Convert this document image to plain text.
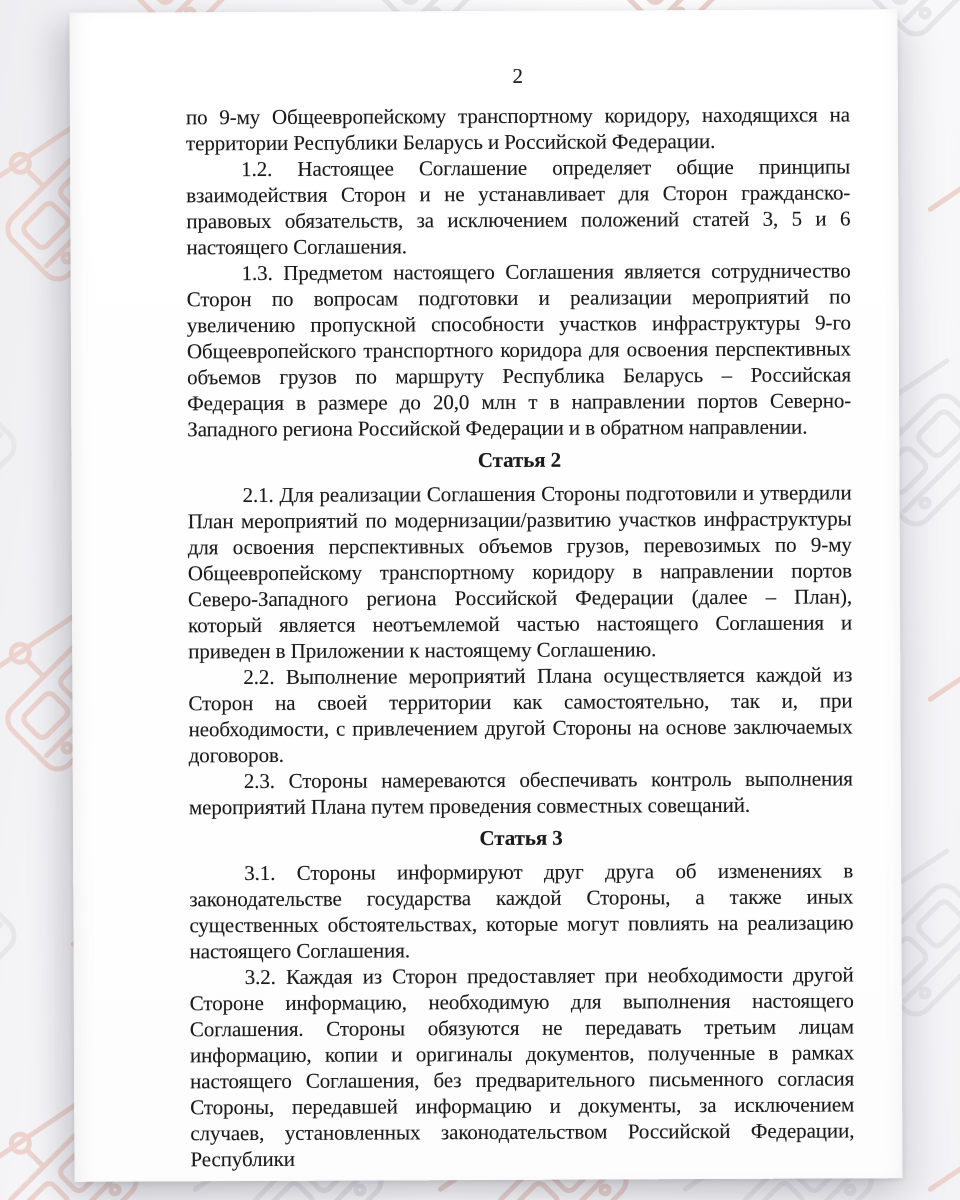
2

по 9-му Общеевропейскому транспортному коридору, находящихся на территории Республики Беларусь и Российской Федерации.

1.2. Настоящее Соглашение определяет общие принципы взаимодействия Сторон и не устанавливает для Сторон гражданско-правовых обязательств, за исключением положений статей 3, 5 и 6 настоящего Соглашения.

1.3. Предметом настоящего Соглашения является сотрудничество Сторон по вопросам подготовки и реализации мероприятий по увеличению пропускной способности участков инфраструктуры 9-го Общеевропейского транспортного коридора для освоения перспективных объемов грузов по маршруту Республика Беларусь – Российская Федерация в размере до 20,0 млн т в направлении портов Северно-Западного региона Российской Федерации и в обратном направлении.

Статья 2

2.1. Для реализации Соглашения Стороны подготовили и утвердили План мероприятий по модернизации/развитию участков инфраструктуры для освоения перспективных объемов грузов, перевозимых по 9-му Общеевропейскому транспортному коридору в направлении портов Северо-Западного региона Российской Федерации (далее – План), который является неотъемлемой частью настоящего Соглашения и приведен в Приложении к настоящему Соглашению.

2.2. Выполнение мероприятий Плана осуществляется каждой из Сторон на своей территории как самостоятельно, так и, при необходимости, с привлечением другой Стороны на основе заключаемых договоров.

2.3. Стороны намереваются обеспечивать контроль выполнения мероприятий Плана путем проведения совместных совещаний.

Статья 3

3.1. Стороны информируют друг друга об изменениях в законодательстве государства каждой Стороны, а также иных существенных обстоятельствах, которые могут повлиять на реализацию настоящего Соглашения.

3.2. Каждая из Сторон предоставляет при необходимости другой Стороне информацию, необходимую для выполнения настоящего Соглашения. Стороны обязуются не передавать третьим лицам информацию, копии и оригиналы документов, полученные в рамках настоящего Соглашения, без предварительного письменного согласия Стороны, передавшей информацию и документы, за исключением случаев, установленных законодательством Российской Федерации, Республики
